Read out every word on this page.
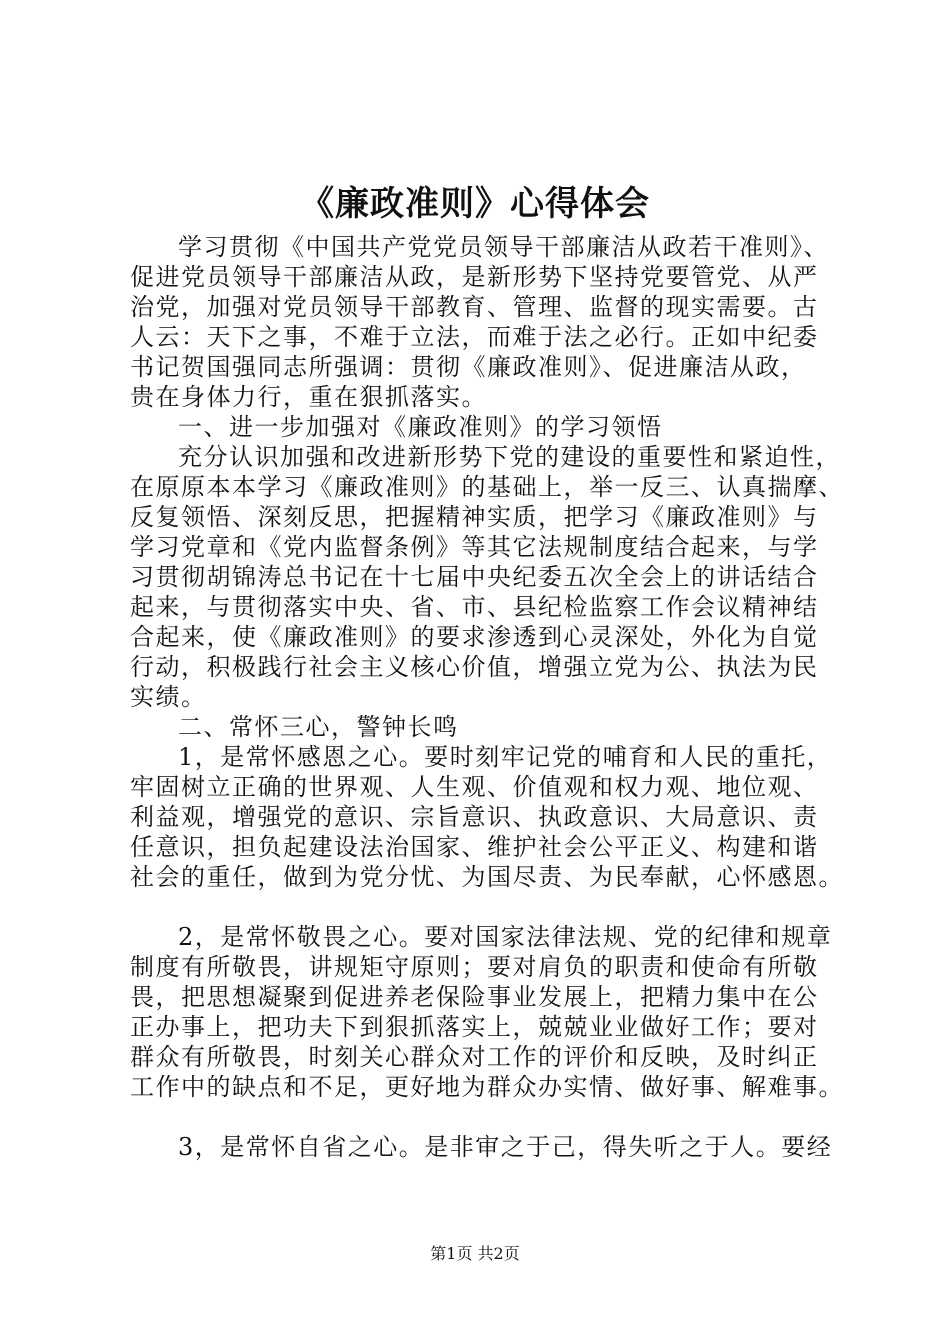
《廉政准则》心得体会
学习贯彻《中国共产党党员领导干部廉洁从政若干准则》、
促进党员领导干部廉洁从政，是新形势下坚持党要管党、从严
治党，加强对党员领导干部教育、管理、监督的现实需要。古
人云：天下之事，不难于立法，而难于法之必行。正如中纪委
书记贺国强同志所强调：贯彻《廉政准则》、促进廉洁从政，
贵在身体力行，重在狠抓落实。
一、进一步加强对《廉政准则》的学习领悟
充分认识加强和改进新形势下党的建设的重要性和紧迫性，
在原原本本学习《廉政准则》的基础上，举一反三、认真揣摩、
反复领悟、深刻反思，把握精神实质，把学习《廉政准则》与
学习党章和《党内监督条例》等其它法规制度结合起来，与学
习贯彻胡锦涛总书记在十七届中央纪委五次全会上的讲话结合
起来，与贯彻落实中央、省、市、县纪检监察工作会议精神结
合起来，使《廉政准则》的要求渗透到心灵深处，外化为自觉
行动，积极践行社会主义核心价值，增强立党为公、执法为民
实绩。
二、常怀三心，警钟长鸣
1，是常怀感恩之心。要时刻牢记党的哺育和人民的重托，
牢固树立正确的世界观、人生观、价值观和权力观、地位观、
利益观，增强党的意识、宗旨意识、执政意识、大局意识、责
任意识，担负起建设法治国家、维护社会公平正义、构建和谐
社会的重任，做到为党分忧、为国尽责、为民奉献，心怀感恩。
2，是常怀敬畏之心。要对国家法律法规、党的纪律和规章
制度有所敬畏，讲规矩守原则；要对肩负的职责和使命有所敬
畏，把思想凝聚到促进养老保险事业发展上，把精力集中在公
正办事上，把功夫下到狠抓落实上，兢兢业业做好工作；要对
群众有所敬畏，时刻关心群众对工作的评价和反映，及时纠正
工作中的缺点和不足，更好地为群众办实情、做好事、解难事。
3，是常怀自省之心。是非审之于己，得失听之于人。要经
第1页 共2页
